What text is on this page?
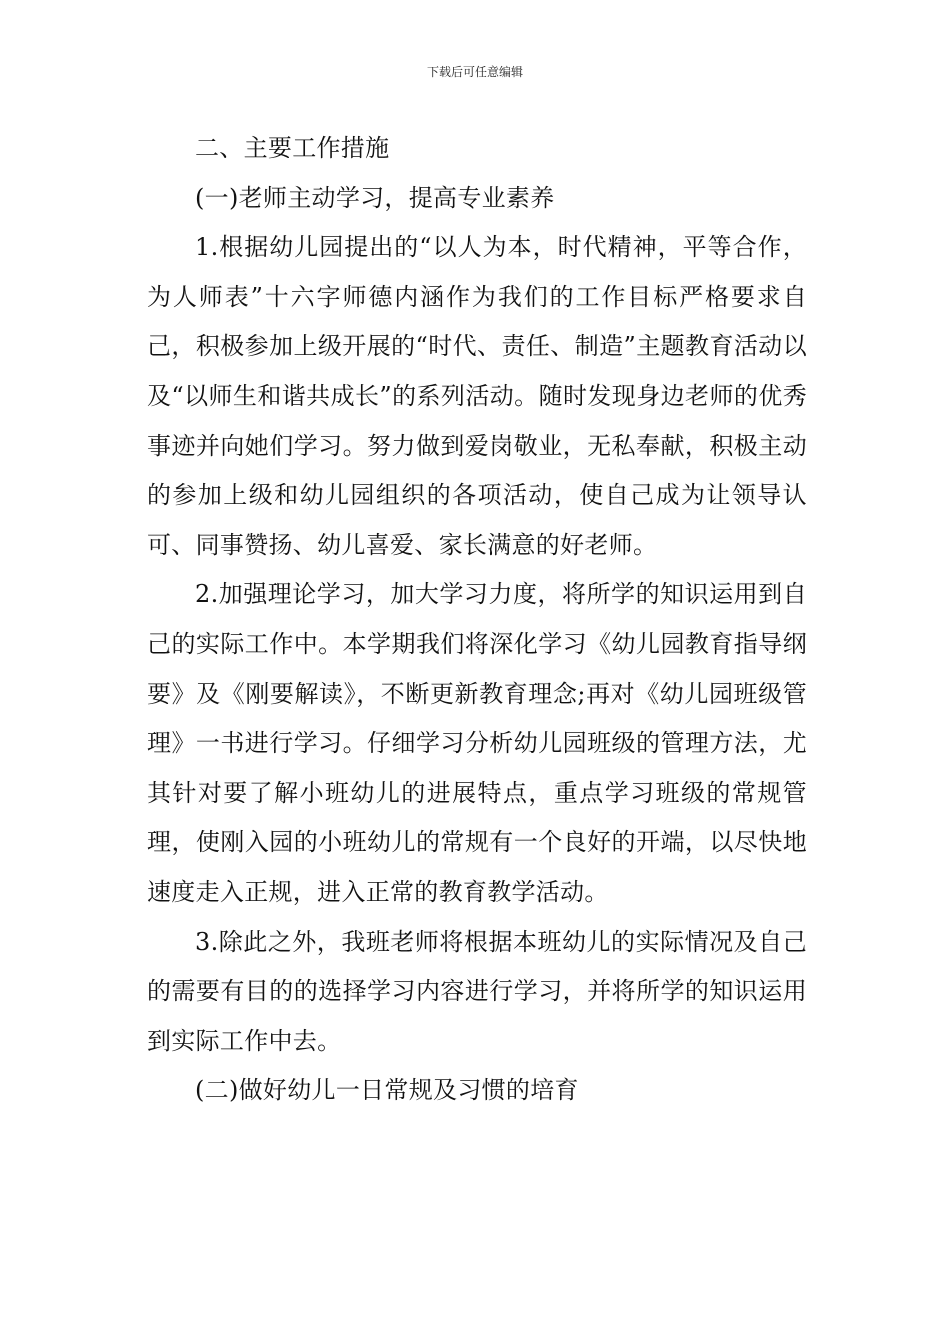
下载后可任意编辑

二、主要工作措施

(一)老师主动学习，提高专业素养

1.根据幼儿园提出的“以人为本，时代精神，平等合作，为人师表”十六字师德内涵作为我们的工作目标严格要求自己，积极参加上级开展的“时代、责任、制造”主题教育活动以及“以师生和谐共成长”的系列活动。随时发现身边老师的优秀事迹并向她们学习。努力做到爱岗敬业，无私奉献，积极主动的参加上级和幼儿园组织的各项活动，使自己成为让领导认可、同事赞扬、幼儿喜爱、家长满意的好老师。

2.加强理论学习，加大学习力度，将所学的知识运用到自己的实际工作中。本学期我们将深化学习《幼儿园教育指导纲要》及《刚要解读》，不断更新教育理念;再对《幼儿园班级管理》一书进行学习。仔细学习分析幼儿园班级的管理方法，尤其针对要了解小班幼儿的进展特点，重点学习班级的常规管理，使刚入园的小班幼儿的常规有一个良好的开端，以尽快地速度走入正规，进入正常的教育教学活动。

3.除此之外，我班老师将根据本班幼儿的实际情况及自己的需要有目的的选择学习内容进行学习，并将所学的知识运用到实际工作中去。

(二)做好幼儿一日常规及习惯的培育
